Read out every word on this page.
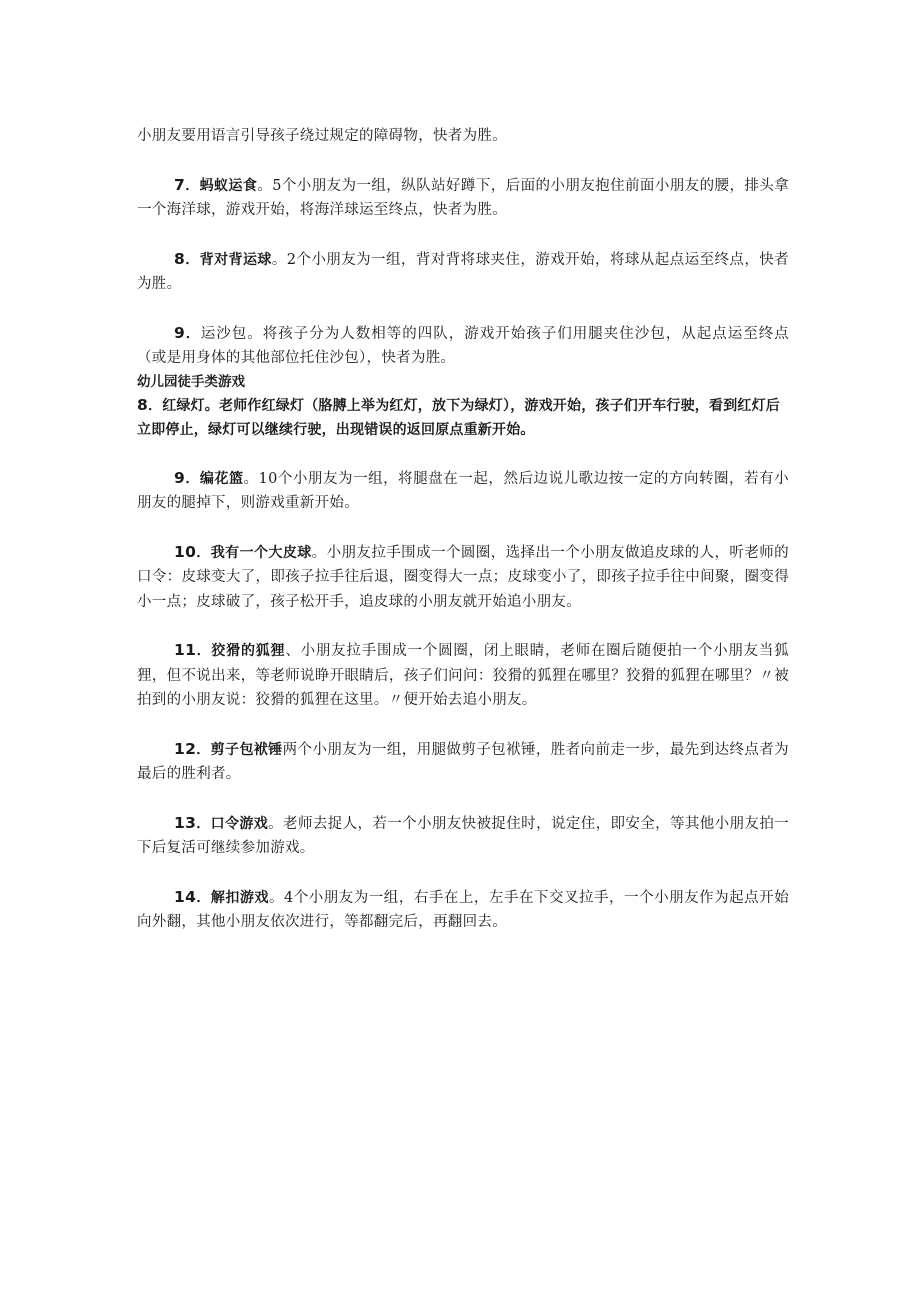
小朋友要用语言引导孩子绕过规定的障碍物，快者为胜。

7．蚂蚁运食。5个小朋友为一组，纵队站好蹲下，后面的小朋友抱住前面小朋友的腰，排头拿一个海洋球，游戏开始，将海洋球运至终点，快者为胜。

8．背对背运球。2个小朋友为一组，背对背将球夹住，游戏开始，将球从起点运至终点，快者为胜。

9．运沙包。将孩子分为人数相等的四队，游戏开始孩子们用腿夹住沙包，从起点运至终点（或是用身体的其他部位托住沙包），快者为胜。

幼儿园徒手类游戏

8．红绿灯。老师作红绿灯（胳膊上举为红灯，放下为绿灯），游戏开始，孩子们开车行驶，看到红灯后立即停止，绿灯可以继续行驶，出现错误的返回原点重新开始。

9．编花篮。10个小朋友为一组，将腿盘在一起，然后边说儿歌边按一定的方向转圈，若有小朋友的腿掉下，则游戏重新开始。

10．我有一个大皮球。小朋友拉手围成一个圆圈，选择出一个小朋友做追皮球的人，听老师的口令：皮球变大了，即孩子拉手往后退，圈变得大一点；皮球变小了，即孩子拉手往中间聚，圈变得小一点；皮球破了，孩子松开手，追皮球的小朋友就开始追小朋友。

11．狡猾的狐狸、小朋友拉手围成一个圆圈，闭上眼睛，老师在圈后随便拍一个小朋友当狐狸，但不说出来，等老师说睁开眼睛后，孩子们问问：狡猾的狐狸在哪里？狡猾的狐狸在哪里？〃被拍到的小朋友说：狡猾的狐狸在这里。〃便开始去追小朋友。

12．剪子包袱锤两个小朋友为一组，用腿做剪子包袱锤，胜者向前走一步，最先到达终点者为最后的胜利者。

13．口令游戏。老师去捉人，若一个小朋友快被捉住时，说定住，即安全，等其他小朋友拍一下后复活可继续参加游戏。

14．解扣游戏。4个小朋友为一组，右手在上，左手在下交叉拉手，一个小朋友作为起点开始向外翻，其他小朋友依次进行，等都翻完后，再翻回去。
